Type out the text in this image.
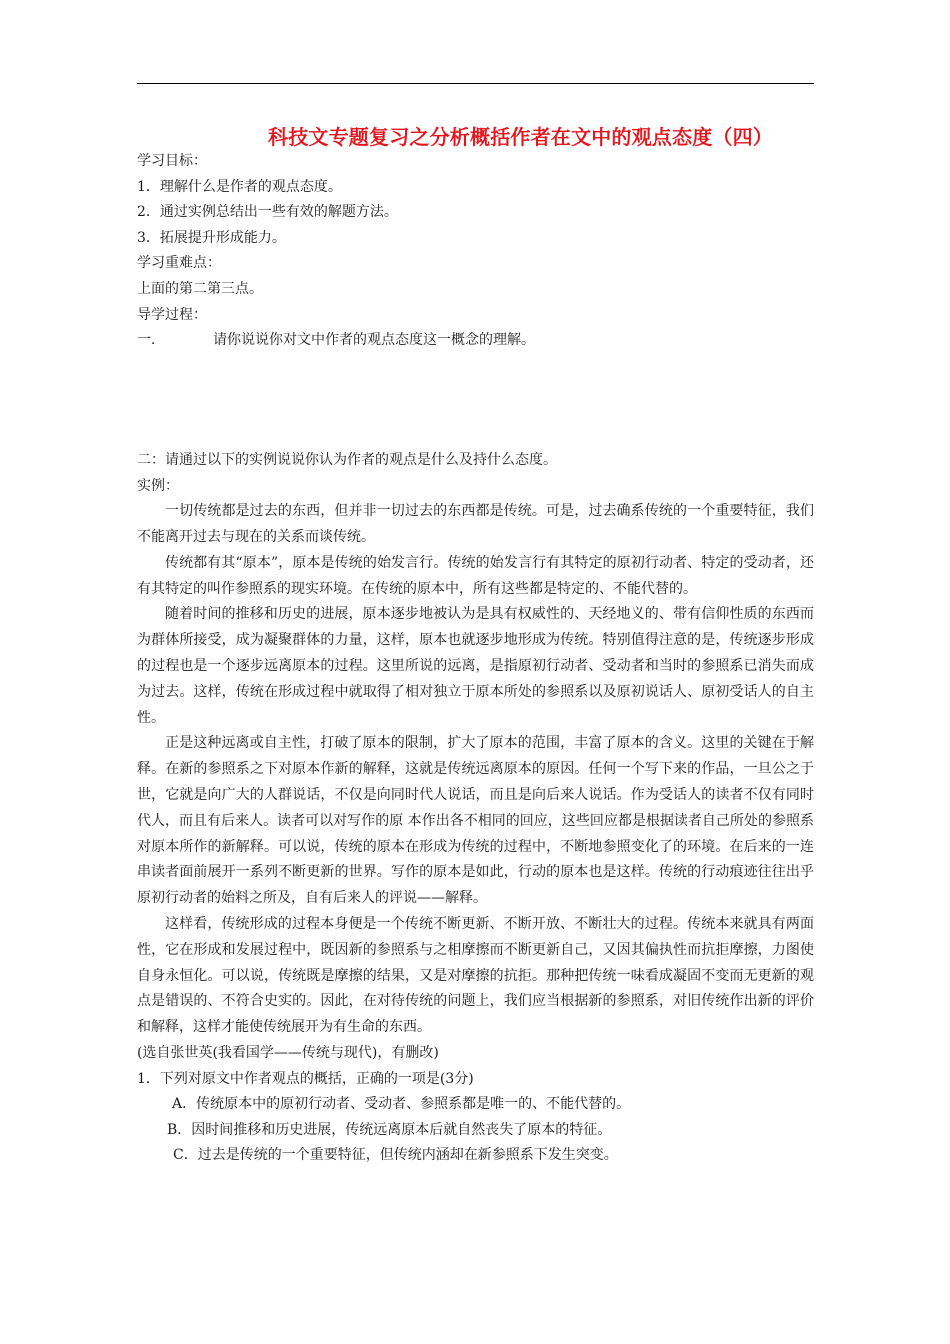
科技文专题复习之分析概括作者在文中的观点态度（四）
学习目标：
1．理解什么是作者的观点态度。
2．通过实例总结出一些有效的解题方法。
3．拓展提升形成能力。
学习重难点：
上面的第二第三点。
导学过程：
一．	请你说说你对文中作者的观点态度这一概念的理解。
二：请通过以下的实例说说你认为作者的观点是什么及持什么态度。
实例：

一切传统都是过去的东西，但并非一切过去的东西都是传统。可是，过去确系传统的一个重要特征，我们不能离开过去与现在的关系而谈传统。

传统都有其“原本”，原本是传统的始发言行。传统的始发言行有其特定的原初行动者、特定的受动者，还有其特定的叫作参照系的现实环境。在传统的原本中，所有这些都是特定的、不能代替的。

随着时间的推移和历史的进展，原本逐步地被认为是具有权威性的、天经地义的、带有信仰性质的东西而为群体所接受，成为凝聚群体的力量，这样，原本也就逐步地形成为传统。特别值得注意的是，传统逐步形成的过程也是一个逐步远离原本的过程。这里所说的远离，是指原初行动者、受动者和当时的参照系已消失而成为过去。这样，传统在形成过程中就取得了相对独立于原本所处的参照系以及原初说话人、原初受话人的自主性。

正是这种远离或自主性，打破了原本的限制，扩大了原本的范围，丰富了原本的含义。这里的关键在于解释。在新的参照系之下对原本作新的解释，这就是传统远离原本的原因。任何一个写下来的作品，一旦公之于世，它就是向广大的人群说话，不仅是向同时代人说话，而且是向后来人说话。作为受话人的读者不仅有同时代人，而且有后来人。读者可以对写作的原 本作出各不相同的回应，这些回应都是根据读者自己所处的参照系对原本所作的新解释。可以说，传统的原本在形成为传统的过程中，不断地参照变化了的环境。在后来的一连串读者面前展开一系列不断更新的世界。写作的原本是如此，行动的原本也是这样。传统的行动痕迹往往出乎原初行动者的始料之所及，自有后来人的评说——解释。

这样看，传统形成的过程本身便是一个传统不断更新、不断开放、不断壮大的过程。传统本来就具有两面性，它在形成和发展过程中，既因新的参照系与之相摩擦而不断更新自己，又因其偏执性而抗拒摩擦，力图使自身永恒化。可以说，传统既是摩擦的结果，又是对摩擦的抗拒。那种把传统一味看成凝固不变而无更新的观点是错误的、不符合史实的。因此，在对待传统的问题上，我们应当根据新的参照系，对旧传统作出新的评价和解释，这样才能使传统展开为有生命的东西。

(选自张世英(我看国学——传统与现代)，有删改)
1．下列对原文中作者观点的概括，正确的一项是(3分)
A．传统原本中的原初行动者、受动者、参照系都是唯一的、不能代替的。
B．因时间推移和历史进展，传统远离原本后就自然丧失了原本的特征。
C．过去是传统的一个重要特征，但传统内涵却在新参照系下发生突变。
